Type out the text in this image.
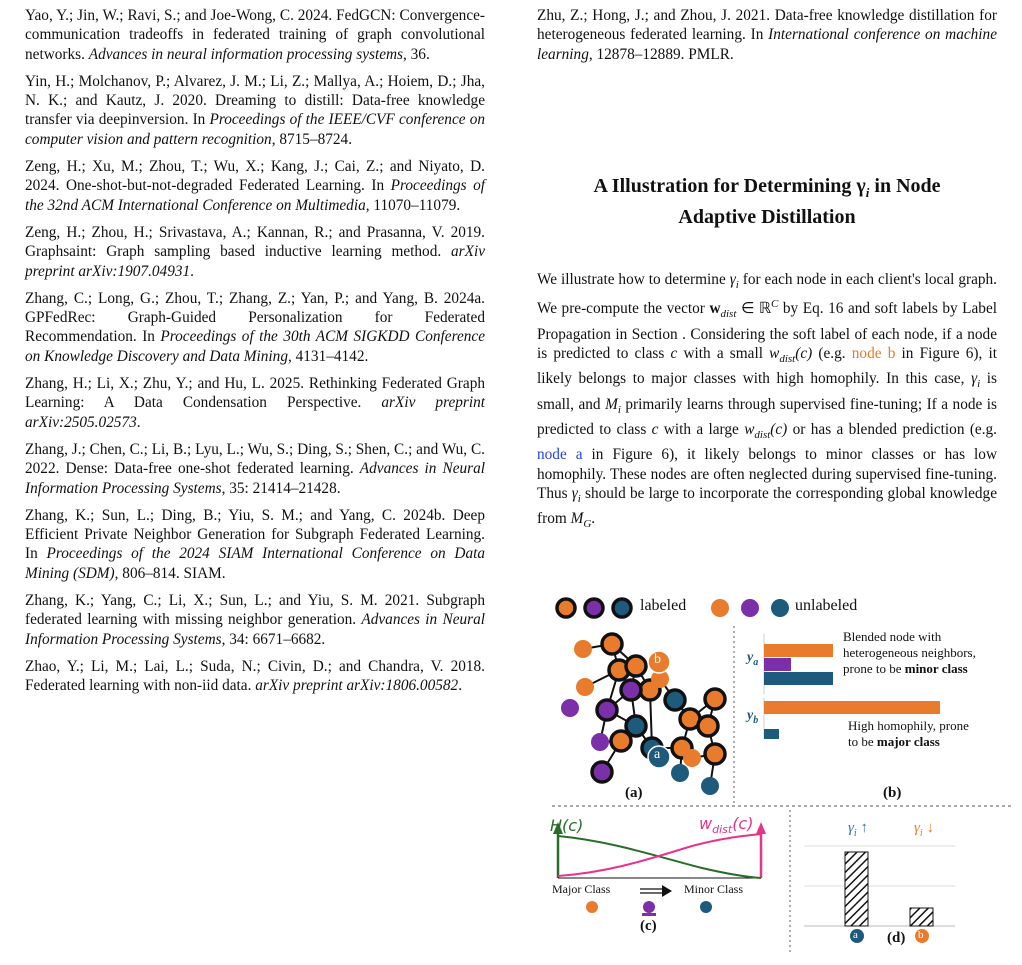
Yao, Y.; Jin, W.; Ravi, S.; and Joe-Wong, C. 2024. FedGCN: Convergence-communication tradeoffs in federated training of graph convolutional networks. Advances in neural information processing systems, 36.

Yin, H.; Molchanov, P.; Alvarez, J. M.; Li, Z.; Mallya, A.; Hoiem, D.; Jha, N. K.; and Kautz, J. 2020. Dreaming to distill: Data-free knowledge transfer via deepinversion. In Proceedings of the IEEE/CVF conference on computer vision and pattern recognition, 8715–8724.

Zeng, H.; Xu, M.; Zhou, T.; Wu, X.; Kang, J.; Cai, Z.; and Niyato, D. 2024. One-shot-but-not-degraded Federated Learning. In Proceedings of the 32nd ACM International Conference on Multimedia, 11070–11079.

Zeng, H.; Zhou, H.; Srivastava, A.; Kannan, R.; and Prasanna, V. 2019. Graphsaint: Graph sampling based inductive learning method. arXiv preprint arXiv:1907.04931.

Zhang, C.; Long, G.; Zhou, T.; Zhang, Z.; Yan, P.; and Yang, B. 2024a. GPFedRec: Graph-Guided Personalization for Federated Recommendation. In Proceedings of the 30th ACM SIGKDD Conference on Knowledge Discovery and Data Mining, 4131–4142.

Zhang, H.; Li, X.; Zhu, Y.; and Hu, L. 2025. Rethinking Federated Graph Learning: A Data Condensation Perspective. arXiv preprint arXiv:2505.02573.

Zhang, J.; Chen, C.; Li, B.; Lyu, L.; Wu, S.; Ding, S.; Shen, C.; and Wu, C. 2022. Dense: Data-free one-shot federated learning. Advances in Neural Information Processing Systems, 35: 21414–21428.

Zhang, K.; Sun, L.; Ding, B.; Yiu, S. M.; and Yang, C. 2024b. Deep Efficient Private Neighbor Generation for Subgraph Federated Learning. In Proceedings of the 2024 SIAM International Conference on Data Mining (SDM), 806–814. SIAM.

Zhang, K.; Yang, C.; Li, X.; Sun, L.; and Yiu, S. M. 2021. Subgraph federated learning with missing neighbor generation. Advances in Neural Information Processing Systems, 34: 6671–6682.

Zhao, Y.; Li, M.; Lai, L.; Suda, N.; Civin, D.; and Chandra, V. 2018. Federated learning with non-iid data. arXiv preprint arXiv:1806.00582.

Zhu, Z.; Hong, J.; and Zhou, J. 2021. Data-free knowledge distillation for heterogeneous federated learning. In International conference on machine learning, 12878–12889. PMLR.

A Illustration for Determining $\gamma_i$ in Node
Adaptive Distillation

We illustrate how to determine $\gamma_i$ for each node in each client's local graph. We pre-compute the vector $w_{dist}$ ∈ ℝ$^C$ by Eq. 16 and soft labels by Label Propagation in Section . Considering the soft label of each node, if a node is predicted to class c with a small $w_{dist}(c)$ (e.g. node b in Figure 6), it likely belongs to major classes with high homophily. In this case, $\gamma_i$ is small, and $M_i$ primarily learns through supervised fine-tuning; If a node is predicted to class c with a large $w_{dist}(c)$ or has a blended prediction (e.g. node a in Figure 6), it likely belongs to minor classes or has low homophily. These nodes are often neglected during supervised fine-tuning. Thus $\gamma_i$ should be large to incorporate the corresponding global knowledge from $M_G$.

labeled	unlabeled
b
a
$y_a$
$y_b$
Blended node with
heterogeneous neighbors,
prone to be minor class
High homophily, prone
to be major class
(a)	(b)
H(c)	$w_{dist}(c)$
Major Class	Minor Class
(c)
$\gamma_i$ ↑	$\gamma_i$ ↓
a	b
(d)
